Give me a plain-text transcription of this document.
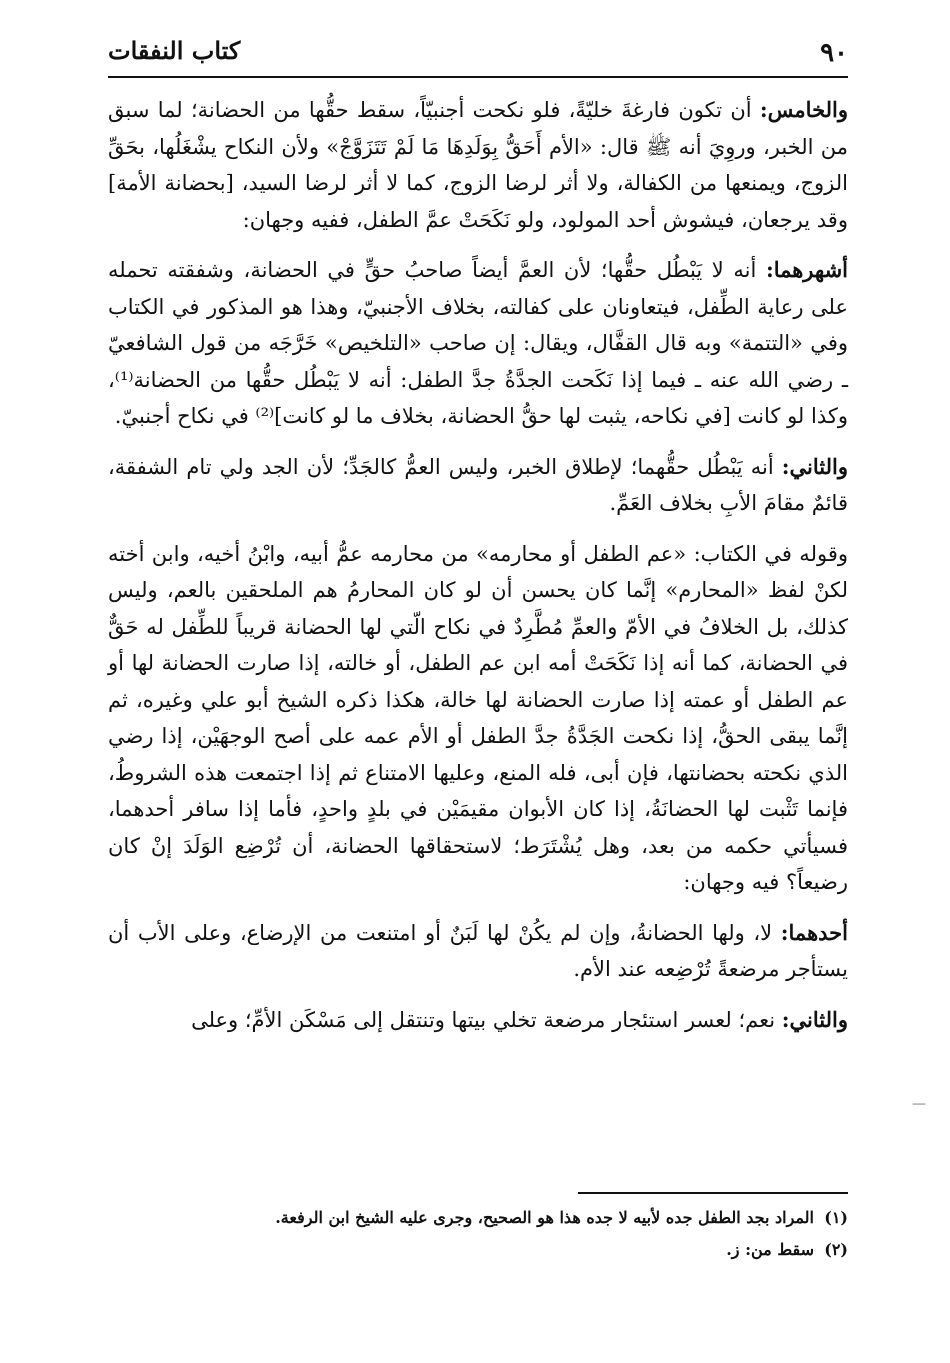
٩٠
كتاب النفقات

والخامس: أن تكون فارغةَ خليّةً، فلو نكحت أجنبيّاً، سقط حقُّها من الحضانة؛ لما سبق من الخبر، وروِيَ أنه ﷺ قال: «الأم أَحَقُّ بِوَلَدِهَا مَا لَمْ تَتَزَوَّجْ» ولأن النكاح يشْغَلُها، بحَقِّ الزوج، ويمنعها من الكفالة، ولا أثر لرضا الزوج، كما لا أثر لرضا السيد، [بحضانة الأمة] وقد يرجعان، فيشوش أحد المولود، ولو نَكَحَتْ عمَّ الطفل، ففيه وجهان:

أشهرهما: أنه لا يَبْطُل حقُّها؛ لأن العمَّ أيضاً صاحبُ حقٍّ في الحضانة، وشفقته تحمله على رعاية الطِّفل، فيتعاونان على كفالته، بخلاف الأجنبيّ، وهذا هو المذكور في الكتاب وفي «التتمة» وبه قال القفَّال، ويقال: إن صاحب «التلخيص» خَرَّجَه من قول الشافعيّ ـ رضي الله عنه ـ فيما إذا نَكَحت الجدَّةُ جدَّ الطفل: أنه لا يَبْطُل حقُّها من الحضانة⁽¹⁾، وكذا لو كانت [في نكاحه، يثبت لها حقُّ الحضانة، بخلاف ما لو كانت]⁽²⁾ في نكاح أجنبيّ.

والثاني: أنه يَبْطُل حقُّهما؛ لإطلاق الخبر، وليس العمُّ كالجَدِّ؛ لأن الجد ولي تام الشفقة، قائمٌ مقامَ الأبِ بخلاف العَمِّ.

وقوله في الكتاب: «عم الطفل أو محارمه» من محارمه عمُّ أبيه، وابْنُ أخيه، وابن أخته لكنْ لفظ «المحارم» إنَّما كان يحسن أن لو كان المحارمُ هم الملحقين بالعم، وليس كذلك، بل الخلافُ في الأمّ والعمِّ مُطَّرِدٌ في نكاح الّتي لها الحضانة قريباً للطِّفل له حَقٌّ في الحضانة، كما أنه إذا نَكَحَتْ أمه ابن عم الطفل، أو خالته، إذا صارت الحضانة لها أو عم الطفل أو عمته إذا صارت الحضانة لها خالة، هكذا ذكره الشيخ أبو علي وغيره، ثم إنَّما يبقى الحقُّ، إذا نكحت الجَدَّةُ جدَّ الطفل أو الأم عمه على أصح الوجهَيْن، إذا رضي الذي نكحته بحضانتها، فإن أبى، فله المنع، وعليها الامتناع ثم إذا اجتمعت هذه الشروطُ، فإنما تَثْبت لها الحضانَةُ، إذا كان الأبوان مقيمَيْن في بلدٍ واحدٍ، فأما إذا سافر أحدهما، فسيأتي حكمه من بعد، وهل يُشْتَرَط؛ لاستحقاقها الحضانة، أن تُرْضِع الوَلَدَ إنْ كان رضيعاً؟ فيه وجهان:

أحدهما: لا، ولها الحضانةُ، وإن لم يكُنْ لها لَبَنٌ أو امتنعت من الإرضاع، وعلى الأب أن يستأجر مرضعةً تُرْضِعه عند الأم.

والثاني: نعم؛ لعسر استئجار مرضعة تخلي بيتها وتنتقل إلى مَسْكَن الأمِّ؛ وعلى

—

(١)المراد بجد الطفل جده لأبيه لا جده هذا هو الصحيح، وجرى عليه الشيخ ابن الرفعة.

(٢)سقط من: ز.
